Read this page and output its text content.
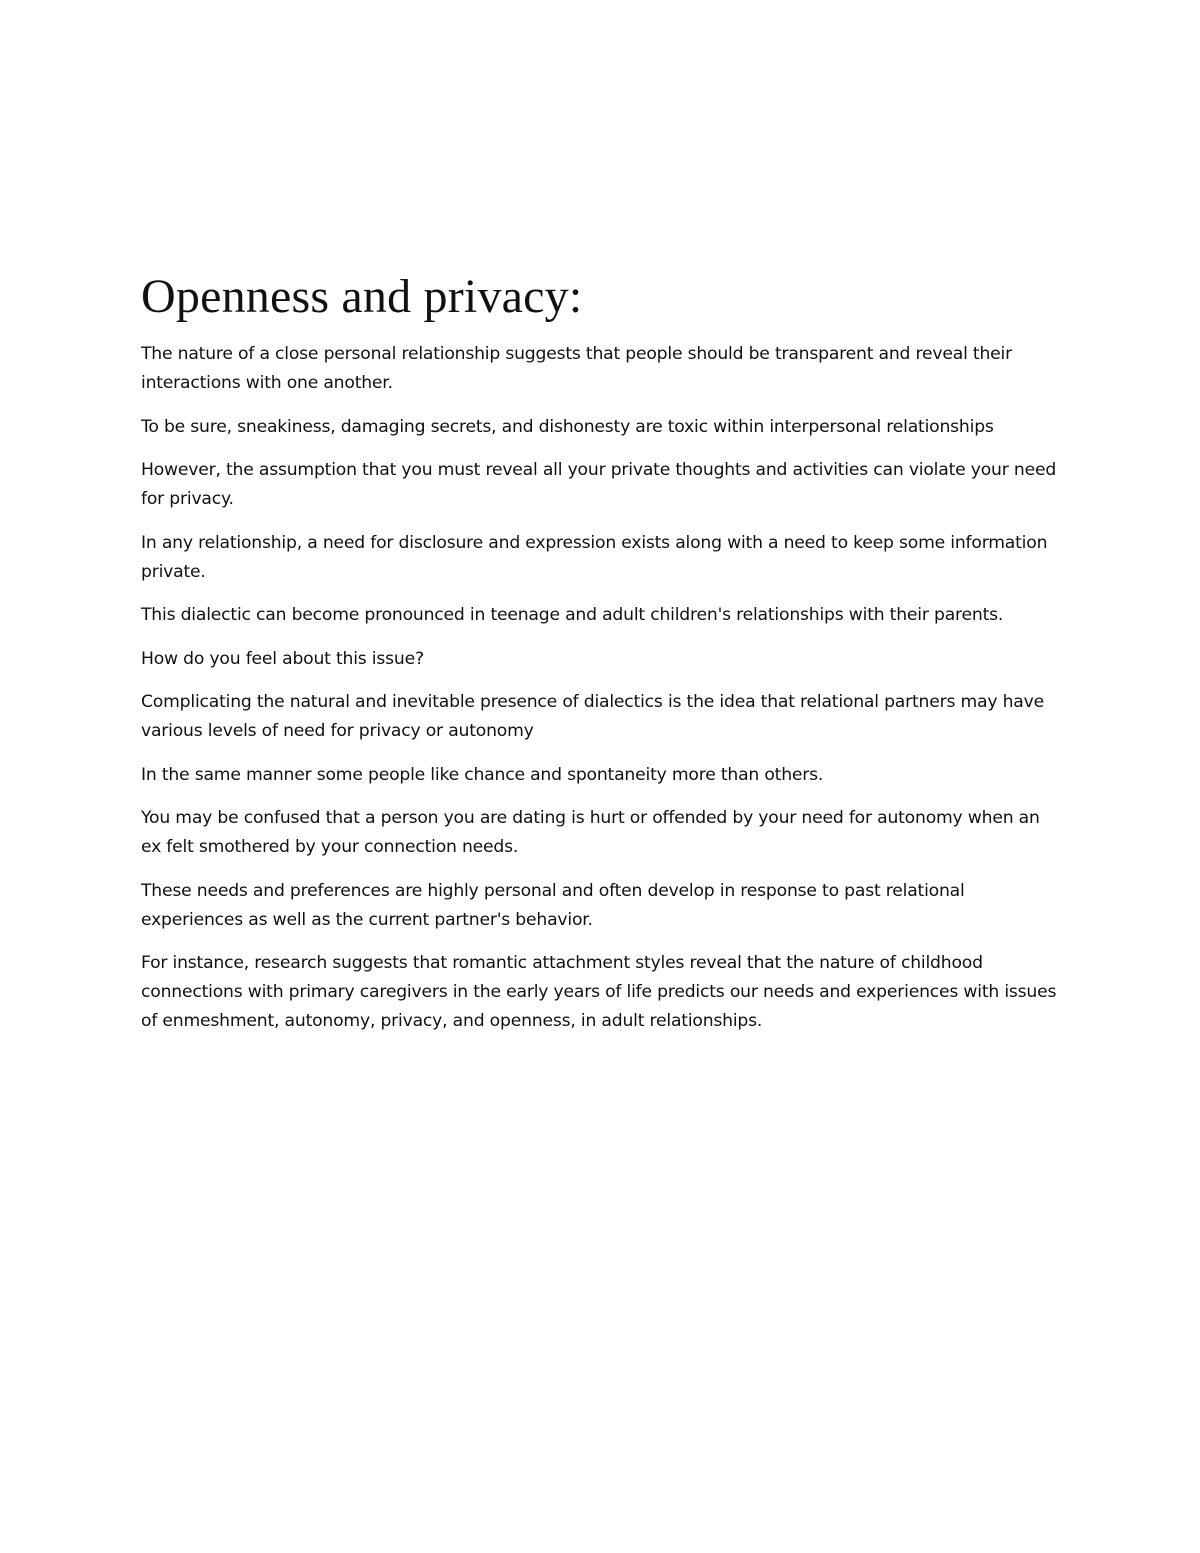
Openness and privacy:

The nature of a close personal relationship suggests that people should be transparent and reveal their interactions with one another.

To be sure, sneakiness, damaging secrets, and dishonesty are toxic within interpersonal relationships

However, the assumption that you must reveal all your private thoughts and activities can violate your need for privacy.

In any relationship, a need for disclosure and expression exists along with a need to keep some information private.

This dialectic can become pronounced in teenage and adult children's relationships with their parents.

How do you feel about this issue?

Complicating the natural and inevitable presence of dialectics is the idea that relational partners may have various levels of need for privacy or autonomy

In the same manner some people like chance and spontaneity more than others.

You may be confused that a person you are dating is hurt or offended by your need for autonomy when an ex felt smothered by your connection needs.

These needs and preferences are highly personal and often develop in response to past relational experiences as well as the current partner's behavior.

For instance, research suggests that romantic attachment styles reveal that the nature of childhood connections with primary caregivers in the early years of life predicts our needs and experiences with issues of enmeshment, autonomy, privacy, and openness, in adult relationships.
